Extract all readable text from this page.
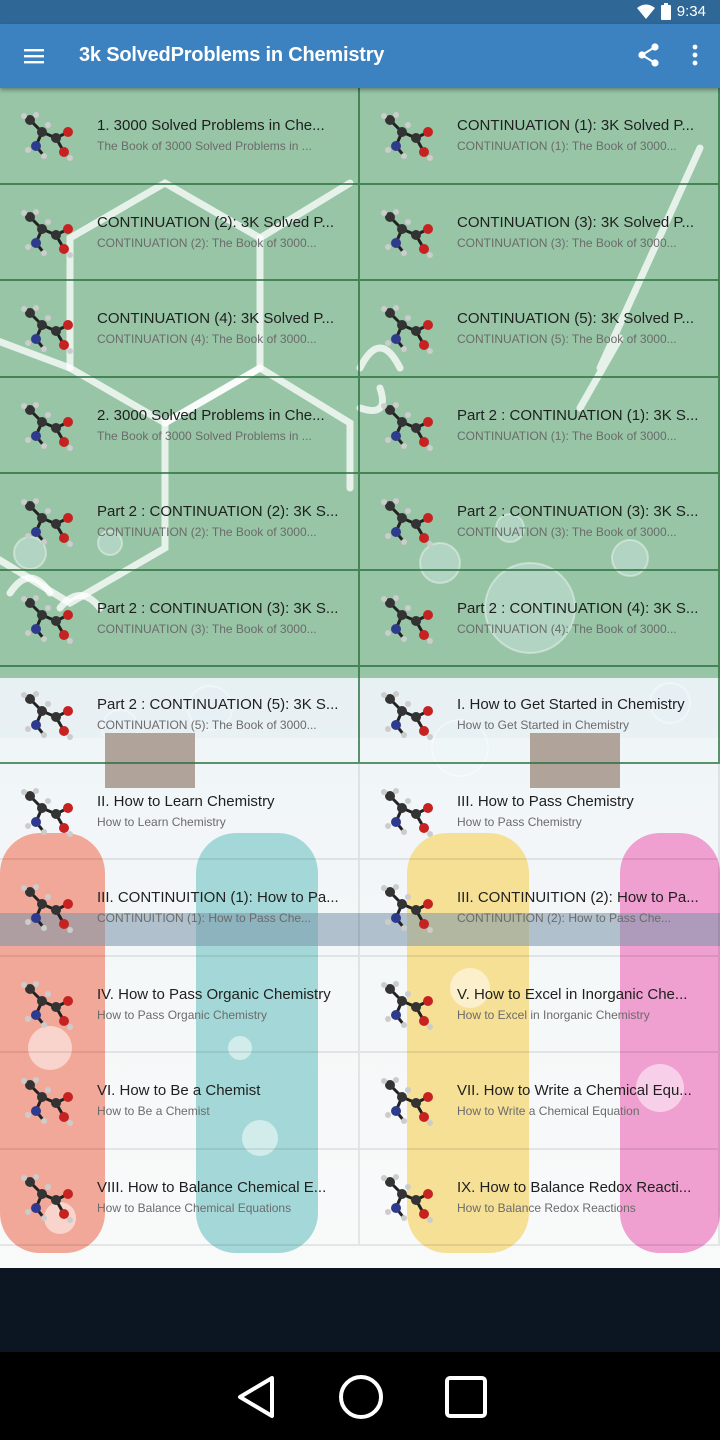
9:34
3k SolvedProblems in Chemistry
1. 3000 Solved Problems in Che...
The Book of 3000 Solved Problems in ...
CONTINUATION (1): 3K Solved P...
CONTINUATION (1): The Book of 3000...
CONTINUATION (2): 3K Solved P...
CONTINUATION (2): The Book of 3000...
CONTINUATION (3): 3K Solved P...
CONTINUATION (3): The Book of 3000...
CONTINUATION (4): 3K Solved P...
CONTINUATION (4): The Book of 3000...
CONTINUATION (5): 3K Solved P...
CONTINUATION (5): The Book of 3000...
2. 3000 Solved Problems in Che...
The Book of 3000 Solved Problems in ...
Part 2 : CONTINUATION (1): 3K S...
CONTINUATION (1): The Book of 3000...
Part 2 : CONTINUATION (2): 3K S...
CONTINUATION (2): The Book of 3000...
Part 2 : CONTINUATION (3): 3K S...
CONTINUATION (3): The Book of 3000...
Part 2 : CONTINUATION (3): 3K S...
CONTINUATION (3): The Book of 3000...
Part 2 : CONTINUATION (4): 3K S...
CONTINUATION (4): The Book of 3000...
Part 2 : CONTINUATION (5): 3K S...
CONTINUATION (5): The Book of 3000...
I. How to Get Started in Chemistry
How to Get Started in Chemistry
II. How to Learn Chemistry
How to Learn Chemistry
III. How to Pass Chemistry
How to Pass Chemistry
III. CONTINUITION (1): How to Pa...
CONTINUITION (1): How to Pass Che...
III. CONTINUITION (2): How to Pa...
CONTINUITION (2): How to Pass Che...
IV. How to Pass Organic Chemistry
How to Pass Organic Chemistry
V. How to Excel in Inorganic Che...
How to Excel in Inorganic Chemistry
VI. How to Be a Chemist
How to Be a Chemist
VII. How to Write a Chemical Equ...
How to Write a Chemical Equation
VIII. How to Balance Chemical E...
How to Balance Chemical Equations
IX. How to Balance Redox Reacti...
How to Balance Redox Reactions
